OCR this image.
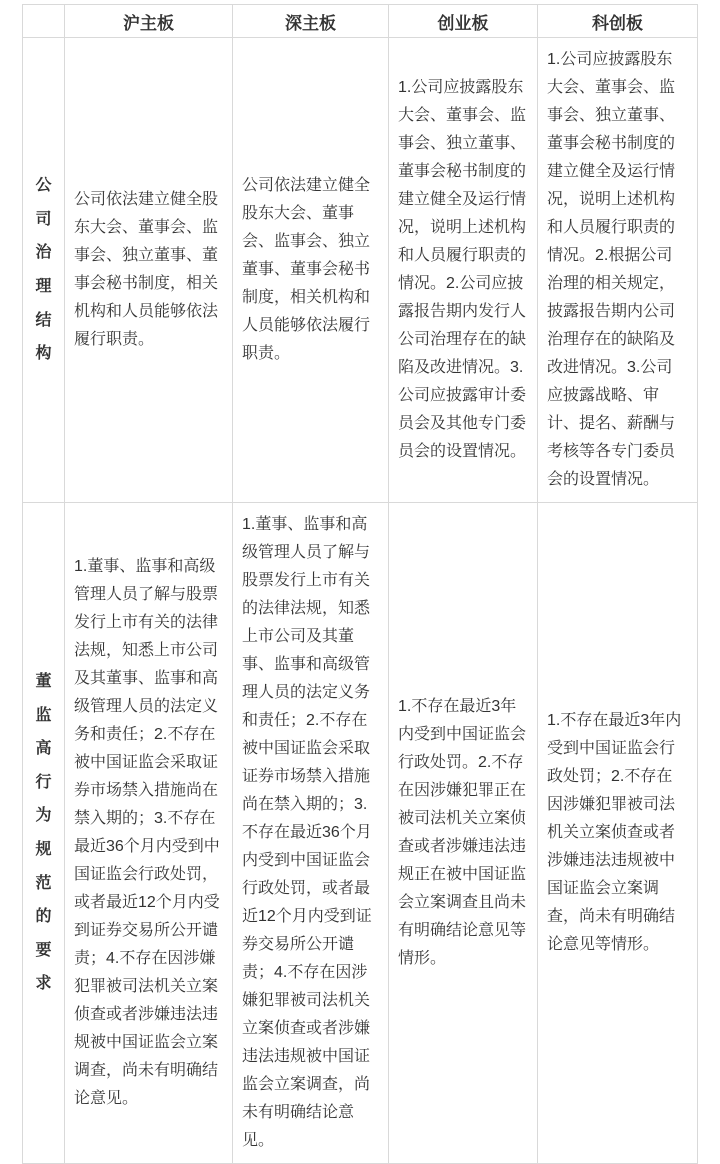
	沪主板	深主板	创业板	科创板
公司治理结构	公司依法建立健全股东大会、董事会、监事会、独立董事、董事会秘书制度，相关机构和人员能够依法履行职责。	公司依法建立健全股东大会、董事会、监事会、独立董事、董事会秘书制度，相关机构和人员能够依法履行职责。	1.公司应披露股东大会、董事会、监事会、独立董事、董事会秘书制度的建立健全及运行情况，说明上述机构和人员履行职责的情况。2.公司应披露报告期内发行人公司治理存在的缺陷及改进情况。3.公司应披露审计委员会及其他专门委员会的设置情况。	1.公司应披露股东大会、董事会、监事会、独立董事、董事会秘书制度的建立健全及运行情况，说明上述机构和人员履行职责的情况。2.根据公司治理的相关规定，披露报告期内公司治理存在的缺陷及改进情况。3.公司应披露战略、审计、提名、薪酬与考核等各专门委员会的设置情况。
董监高行为规范的要求	1.董事、监事和高级管理人员了解与股票发行上市有关的法律法规，知悉上市公司及其董事、监事和高级管理人员的法定义务和责任；2.不存在被中国证监会采取证券市场禁入措施尚在禁入期的；3.不存在最近36个月内受到中国证监会行政处罚，或者最近12个月内受到证券交易所公开谴责；4.不存在因涉嫌犯罪被司法机关立案侦查或者涉嫌违法违规被中国证监会立案调查，尚未有明确结论意见。	1.董事、监事和高级管理人员了解与股票发行上市有关的法律法规，知悉上市公司及其董事、监事和高级管理人员的法定义务和责任；2.不存在被中国证监会采取证券市场禁入措施尚在禁入期的；3.不存在最近36个月内受到中国证监会行政处罚，或者最近12个月内受到证券交易所公开谴责；4.不存在因涉嫌犯罪被司法机关立案侦查或者涉嫌违法违规被中国证监会立案调查，尚未有明确结论意见。	1.不存在最近3年内受到中国证监会行政处罚。2.不存在因涉嫌犯罪正在被司法机关立案侦查或者涉嫌违法违规正在被中国证监会立案调查且尚未有明确结论意见等情形。	1.不存在最近3年内受到中国证监会行政处罚；2.不存在因涉嫌犯罪被司法机关立案侦查或者涉嫌违法违规被中国证监会立案调查，尚未有明确结论意见等情形。
